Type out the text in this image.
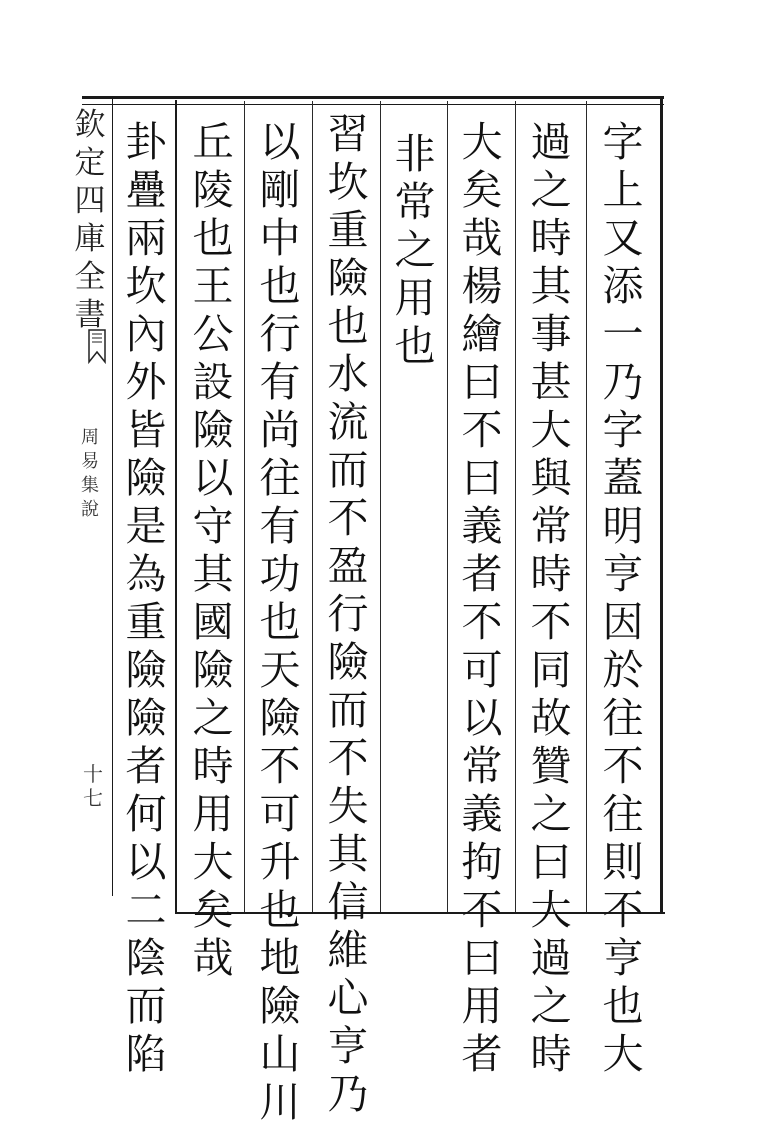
字
上
又
添
一
乃
字
蓋
明
亨
因
於
往
不
往
則
不
亨
也
大
過
之
時
其
事
甚
大
與
常
時
不
同
故
贊
之
曰
大
過
之
時
大
矣
哉
楊
繪
曰
不
曰
義
者
不
可
以
常
義
拘
不
曰
用
者
非
常
之
用
也
習
坎
重
險
也
水
流
而
不
盈
行
險
而
不
失
其
信
維
心
亨
乃
以
剛
中
也
行
有
尚
往
有
功
也
天
險
不
可
升
也
地
險
山
川
丘
陵
也
王
公
設
險
以
守
其
國
險
之
時
用
大
矣
哉
卦
疊
兩
坎
內
外
皆
險
是
為
重
險
險
者
何
以
二
陰
而
陷
欽
定
四
庫
全
書
周
易
集
說
十七
